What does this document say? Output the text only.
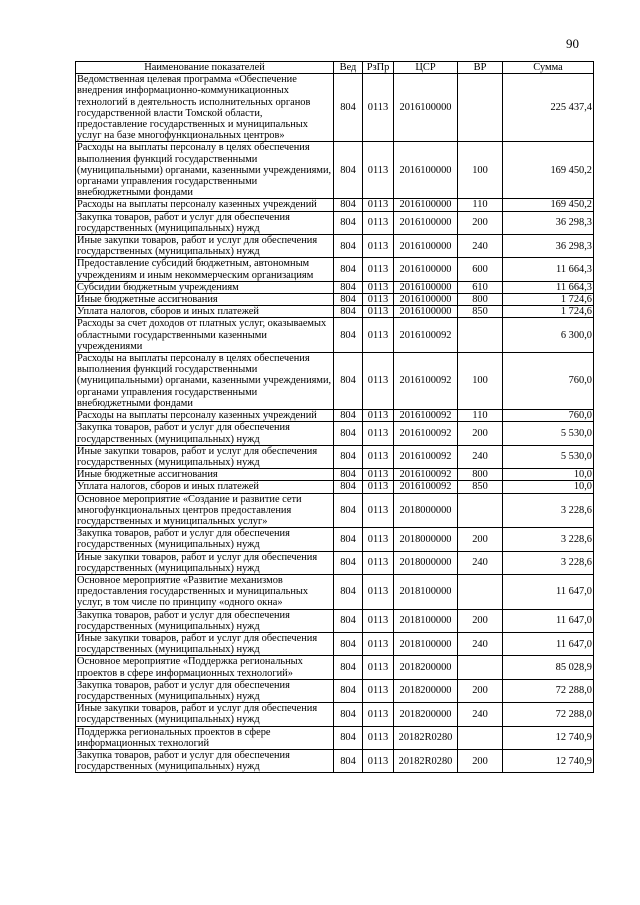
90
Наименование показателей	Вед	РзПр	ЦСР	ВР	Сумма
Ведомственная целевая программа «Обеспечение внедрения информационно-коммуникационных технологий в деятельность исполнительных органов государственной власти Томской области, предоставление государственных и муниципальных услуг на базе многофункциональных центров»	804	0113	2016100000		225 437,4
Расходы на выплаты персоналу в целях обеспечения выполнения функций государственными (муниципальными) органами, казенными учреждениями, органами управления государственными внебюджетными фондами	804	0113	2016100000	100	169 450,2
Расходы на выплаты персоналу казенных учреждений	804	0113	2016100000	110	169 450,2
Закупка товаров, работ и услуг для обеспечения государственных (муниципальных) нужд	804	0113	2016100000	200	36 298,3
Иные закупки товаров, работ и услуг для обеспечения государственных (муниципальных) нужд	804	0113	2016100000	240	36 298,3
Предоставление субсидий бюджетным, автономным учреждениям и иным некоммерческим организациям	804	0113	2016100000	600	11 664,3
Субсидии бюджетным учреждениям	804	0113	2016100000	610	11 664,3
Иные бюджетные ассигнования	804	0113	2016100000	800	1 724,6
Уплата налогов, сборов и иных платежей	804	0113	2016100000	850	1 724,6
Расходы за счет доходов от платных услуг, оказываемых областными государственными казенными учреждениями	804	0113	2016100092		6 300,0
Расходы на выплаты персоналу в целях обеспечения выполнения функций государственными (муниципальными) органами, казенными учреждениями, органами управления государственными внебюджетными фондами	804	0113	2016100092	100	760,0
Расходы на выплаты персоналу казенных учреждений	804	0113	2016100092	110	760,0
Закупка товаров, работ и услуг для обеспечения государственных (муниципальных) нужд	804	0113	2016100092	200	5 530,0
Иные закупки товаров, работ и услуг для обеспечения государственных (муниципальных) нужд	804	0113	2016100092	240	5 530,0
Иные бюджетные ассигнования	804	0113	2016100092	800	10,0
Уплата налогов, сборов и иных платежей	804	0113	2016100092	850	10,0
Основное мероприятие «Создание и развитие сети многофункциональных центров предоставления государственных и муниципальных услуг»	804	0113	2018000000		3 228,6
Закупка товаров, работ и услуг для обеспечения государственных (муниципальных) нужд	804	0113	2018000000	200	3 228,6
Иные закупки товаров, работ и услуг для обеспечения государственных (муниципальных) нужд	804	0113	2018000000	240	3 228,6
Основное мероприятие «Развитие механизмов предоставления государственных и муниципальных услуг, в том числе по принципу «одного окна»	804	0113	2018100000		11 647,0
Закупка товаров, работ и услуг для обеспечения государственных (муниципальных) нужд	804	0113	2018100000	200	11 647,0
Иные закупки товаров, работ и услуг для обеспечения государственных (муниципальных) нужд	804	0113	2018100000	240	11 647,0
Основное мероприятие «Поддержка региональных проектов в сфере информационных технологий»	804	0113	2018200000		85 028,9
Закупка товаров, работ и услуг для обеспечения государственных (муниципальных) нужд	804	0113	2018200000	200	72 288,0
Иные закупки товаров, работ и услуг для обеспечения государственных (муниципальных) нужд	804	0113	2018200000	240	72 288,0
Поддержка региональных проектов в сфере информационных технологий	804	0113	20182R0280		12 740,9
Закупка товаров, работ и услуг для обеспечения государственных (муниципальных) нужд	804	0113	20182R0280	200	12 740,9
